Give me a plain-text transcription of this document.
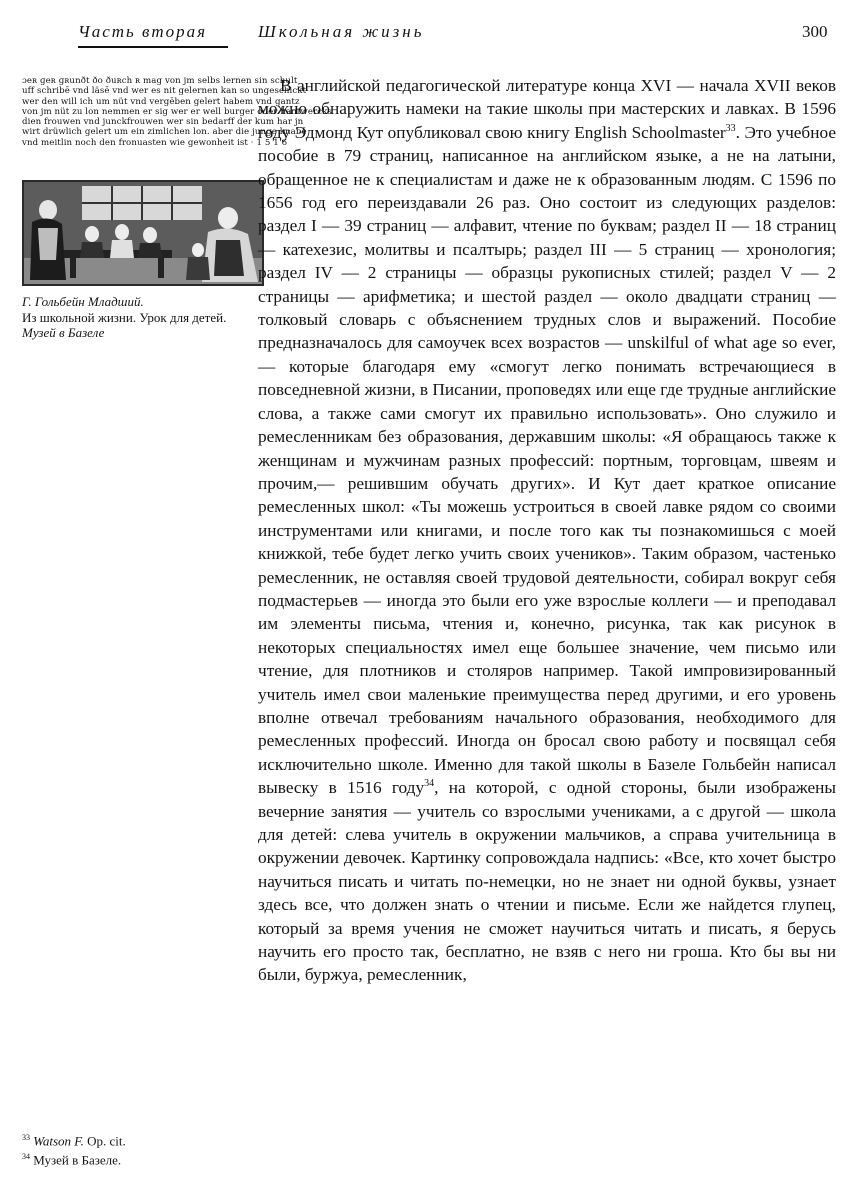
Часть вторая	Школьная жизнь	300
ɔeʀ ɡeʀ ɡʀunðt ðo ðuʀch ʀ mag von jm selbs lernen sin schult
uff schribē vnd läsē vnd wer es nit gelernen kan so ungeschickt
wer den will ich um nüt vnd vergēben gelert habem vnd gantz
von jm nüt zu lon nemmen er sig wer er well burger oder hantwercks
dien frouwen vnd junckfrouwen wer sin bedarff der kum har jn
wirt drüwlich gelert um ein zimlichen lon. aber die junge knabē
vnd meitlin noch den fronuasten wie gewonheit ist · 1 5 1 6
Г. Гольбейн Младший.
Из школьной жизни. Урок для детей.
Музей в Базеле

В английской педагогической литературе конца XVI — начала XVII веков можно обнаружить намеки на такие школы при мастерских и лавках. В 1596 году Эдмонд Кут опубликовал свою книгу English Schoolmaster$^{33}$. Это учебное пособие в 79 страниц, написанное на английском языке, а не на латыни, обращенное не к специалистам и даже не к образованным людям. С 1596 по 1656 год его переиздавали 26 раз. Оно состоит из следующих разделов: раздел I — 39 страниц — алфавит, чтение по буквам; раздел II — 18 страниц — катехезис, молитвы и псалтырь; раздел III — 5 страниц — хронология; раздел IV — 2 страницы — образцы рукописных стилей; раздел V — 2 страницы — арифметика; и шестой раздел — около двадцати страниц — толковый словарь с объяснением трудных слов и выражений. Пособие предназначалось для самоучек всех возрастов — unskilful of what age so ever,— которые благодаря ему «смогут легко понимать встречающиеся в повседневной жизни, в Писании, проповедях или еще где трудные английские слова, а также сами смогут их правильно использовать». Оно служило и ремесленникам без образования, державшим школы: «Я обращаюсь также к женщинам и мужчинам разных профессий: портным, торговцам, швеям и прочим,— решившим обучать других». И Кут дает краткое описание ремесленных школ: «Ты можешь устроиться в своей лавке рядом со своими инструментами или книгами, и после того как ты познакомишься с моей книжкой, тебе будет легко учить своих учеников». Таким образом, частенько ремесленник, не оставляя своей трудовой деятельности, собирал вокруг себя подмастерьев — иногда это были его уже взрослые коллеги — и преподавал им элементы письма, чтения и, конечно, рисунка, так как рисунок в некоторых специальностях имел еще большее значение, чем письмо или чтение, для плотников и столяров например. Такой импровизированный учитель имел свои маленькие преимущества перед другими, и его уровень вполне отвечал требованиям начального образования, необходимого для ремесленных профессий. Иногда он бросал свою работу и посвящал себя исключительно школе. Именно для такой школы в Базеле Гольбейн написал вывеску в 1516 году$^{34}$, на которой, с одной стороны, были изображены вечерние занятия — учитель со взрослыми учениками, а с другой — школа для детей: слева учитель в окружении мальчиков, а справа учительница в окружении девочек. Картинку сопровождала надпись: «Все, кто хочет быстро научиться писать и читать по-немецки, но не знает ни одной буквы, узнает здесь все, что должен знать о чтении и письме. Если же найдется глупец, который за время учения не сможет научиться читать и писать, я берусь научить его просто так, бесплатно, не взяв с него ни гроша. Кто бы вы ни были, буржуа, ремесленник,

$^{33}$ Watson F. Op. cit.
$^{34}$ Музей в Базеле.
